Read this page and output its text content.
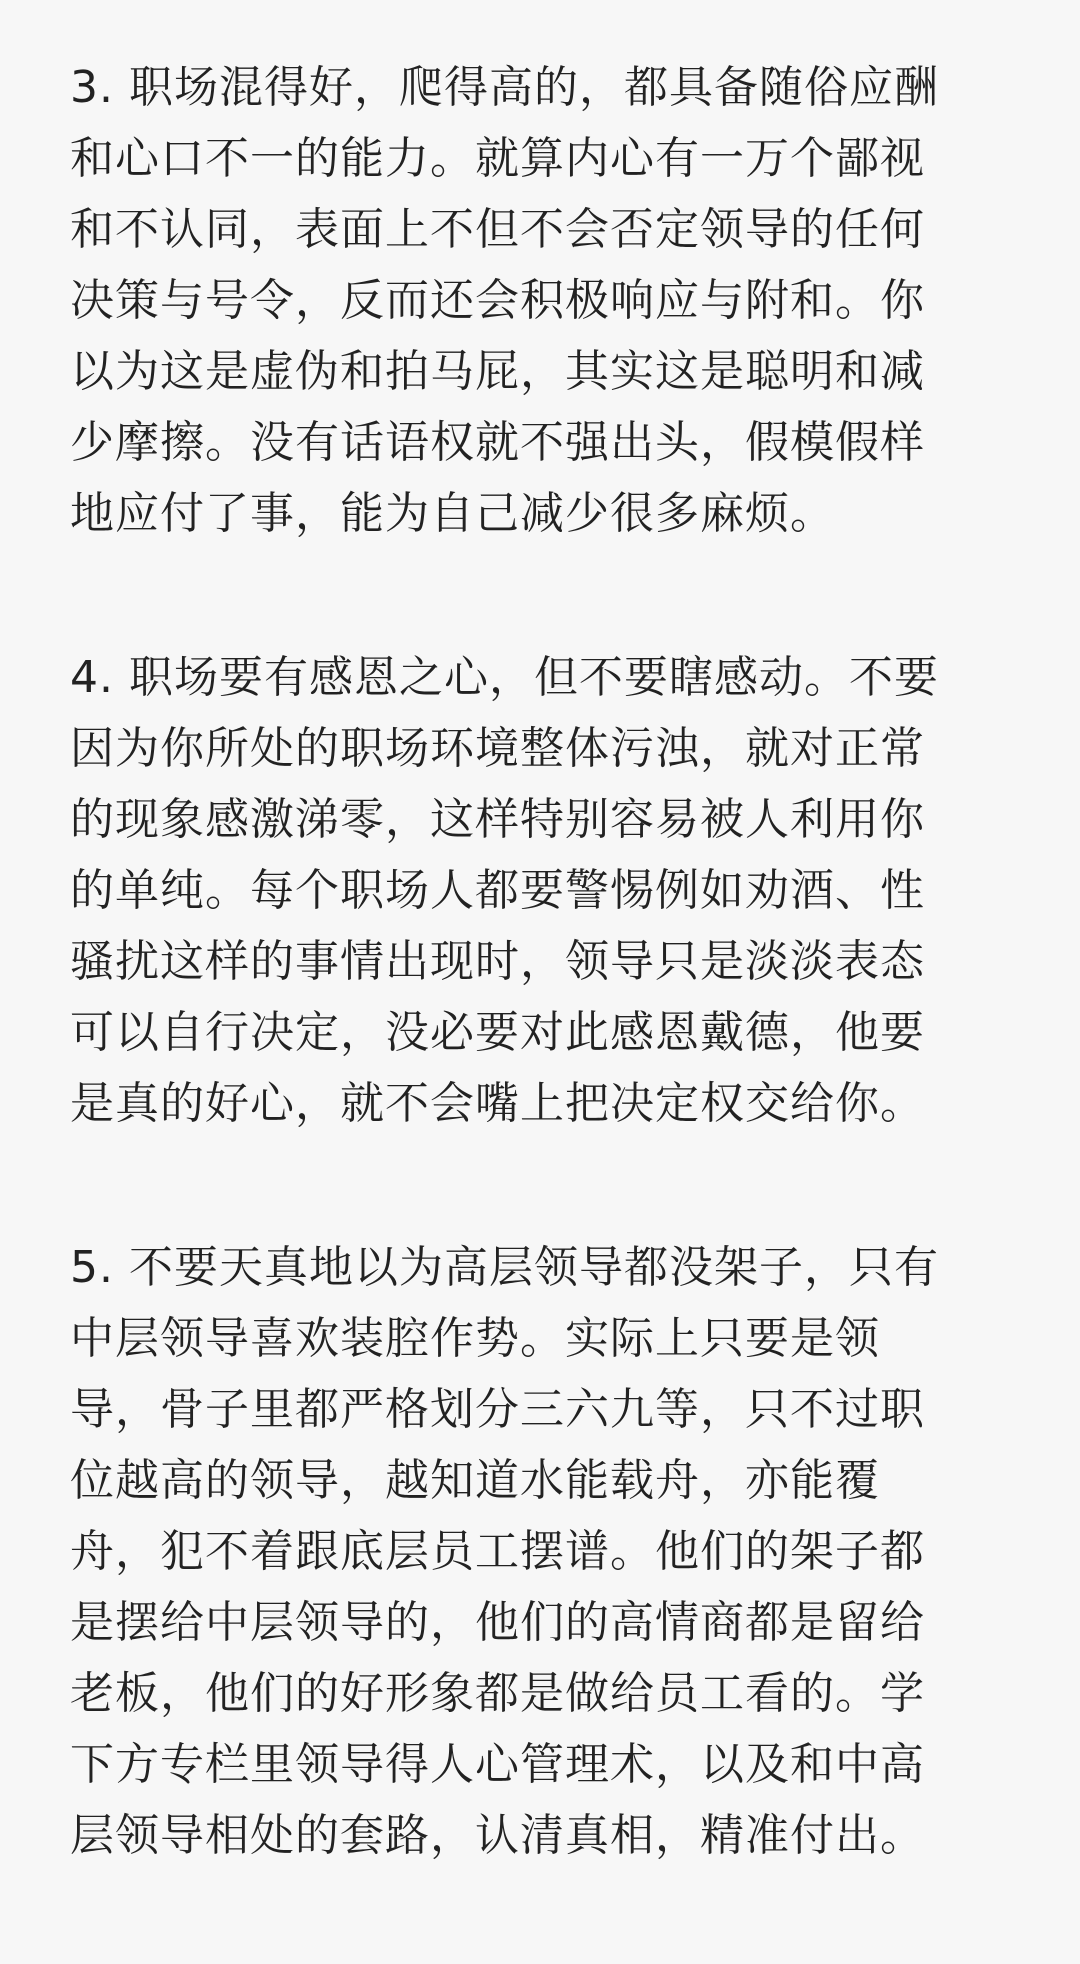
3. 职场混得好，爬得高的，都具备随俗应酬
和心口不一的能力。就算内心有一万个鄙视
和不认同，表面上不但不会否定领导的任何
决策与号令，反而还会积极响应与附和。你
以为这是虚伪和拍马屁，其实这是聪明和减
少摩擦。没有话语权就不强出头，假模假样
地应付了事，能为自己减少很多麻烦。
4. 职场要有感恩之心，但不要瞎感动。不要
因为你所处的职场环境整体污浊，就对正常
的现象感激涕零，这样特别容易被人利用你
的单纯。每个职场人都要警惕例如劝酒、性
骚扰这样的事情出现时，领导只是淡淡表态
可以自行决定，没必要对此感恩戴德，他要
是真的好心，就不会嘴上把决定权交给你。
5. 不要天真地以为高层领导都没架子，只有
中层领导喜欢装腔作势。实际上只要是领
导，骨子里都严格划分三六九等，只不过职
位越高的领导，越知道水能载舟，亦能覆
舟，犯不着跟底层员工摆谱。他们的架子都
是摆给中层领导的，他们的高情商都是留给
老板，他们的好形象都是做给员工看的。学
下方专栏里领导得人心管理术，以及和中高
层领导相处的套路，认清真相，精准付出。
